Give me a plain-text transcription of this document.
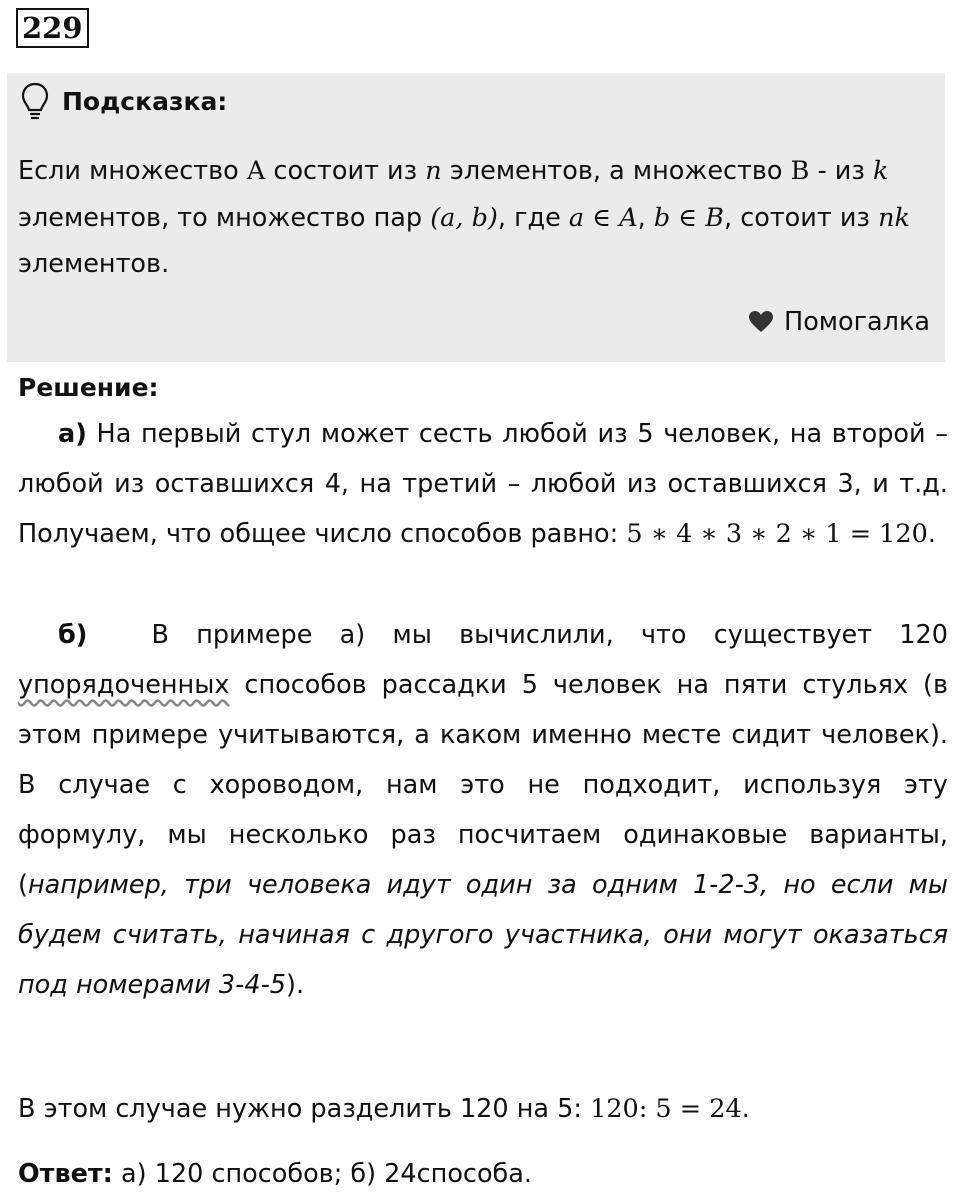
229
Подсказка:
Если множество A состоит из n элементов, а множество B - из k элементов, то множество пар (a, b), где a ∈ A, b ∈ B, сотоит из nk элементов.
Помогалка
Решение:
а) На первый стул может сесть любой из 5 человек, на второй – любой из оставшихся 4, на третий – любой из оставшихся 3, и т.д. Получаем, что общее число способов равно: 5 ∗ 4 ∗ 3 ∗ 2 ∗ 1 = 120.
б)	В примере а) мы вычислили, что существует 120 упорядоченных способов рассадки 5 человек на пяти стульях (в этом примере учитываются, а каком именно месте сидит человек). В случае с хороводом, нам это не подходит, используя эту формулу, мы несколько раз посчитаем одинаковые варианты, (например, три человека идут один за одним 1-2-3, но если мы будем считать, начиная с другого участника, они могут оказаться под номерами 3-4-5).
В этом случае нужно разделить 120 на 5: 120: 5 = 24.
Ответ: а) 120 способов; б) 24способа.
